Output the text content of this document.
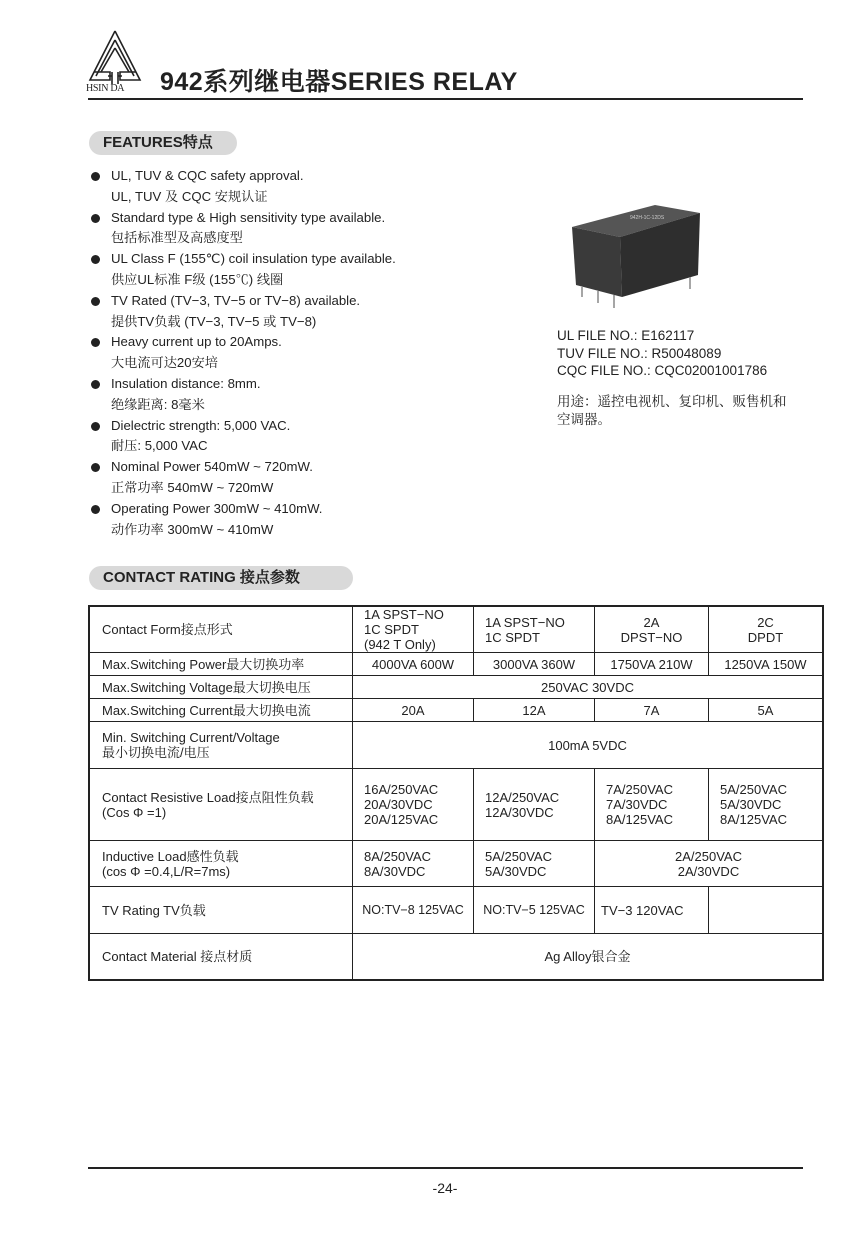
HSIN DA 942系列继电器SERIES RELAY
FEATURES特点
UL, TUV & CQC safety approval.
UL, TUV 及 CQC 安规认证
Standard type & High sensitivity type available.
包括标准型及高感度型
UL Class F (155℃) coil insulation type available.
供应UL标准 F级 (155℃) 线圈
TV Rated (TV−3, TV−5 or TV−8) available.
提供TV负载 (TV−3, TV−5 或 TV−8)
Heavy current up to 20Amps.
大电流可达20安培
Insulation distance: 8mm.
绝缘距离: 8毫米
Dielectric strength: 5,000 VAC.
耐压: 5,000 VAC
Nominal Power 540mW ~ 720mW.
正常功率 540mW ~ 720mW
Operating Power 300mW ~ 410mW.
动作功率 300mW ~ 410mW
942H-1C-12DS
UL FILE NO.: E162117
TUV FILE NO.: R50048089
CQC FILE NO.: CQC02001001786
用途：遥控电视机、复印机、贩售机和空调器。
CONTACT RATING 接点参数
Contact Form接点形式	1A SPST−NO
1C SPDT
(942 T Only)	1A SPST−NO
1C SPDT	2A
DPST−NO	2C
DPDT
Max.Switching Power最大切换功率	4000VA 600W	3000VA 360W	1750VA 210W	1250VA 150W
Max.Switching Voltage最大切换电压	250VAC 30VDC			
Max.Switching Current最大切换电流	20A	12A	7A	5A
Min. Switching Current/Voltage
最小切换电流/电压	100mA 5VDC			
Contact Resistive Load接点阻性负载
(Cos Φ =1)	16A/250VAC
20A/30VDC
20A/125VAC	12A/250VAC
12A/30VDC	7A/250VAC
7A/30VDC
8A/125VAC	5A/250VAC
5A/30VDC
8A/125VAC
Inductive Load感性负载
(cos Φ =0.4,L/R=7ms)	8A/250VAC
8A/30VDC	5A/250VAC
5A/30VDC	2A/250VAC
2A/30VDC	
TV Rating TV负载	NO:TV−8 125VAC	NO:TV−5 125VAC	TV−3 120VAC	
Contact Material 接点材质	Ag Alloy银合金			
-24-
